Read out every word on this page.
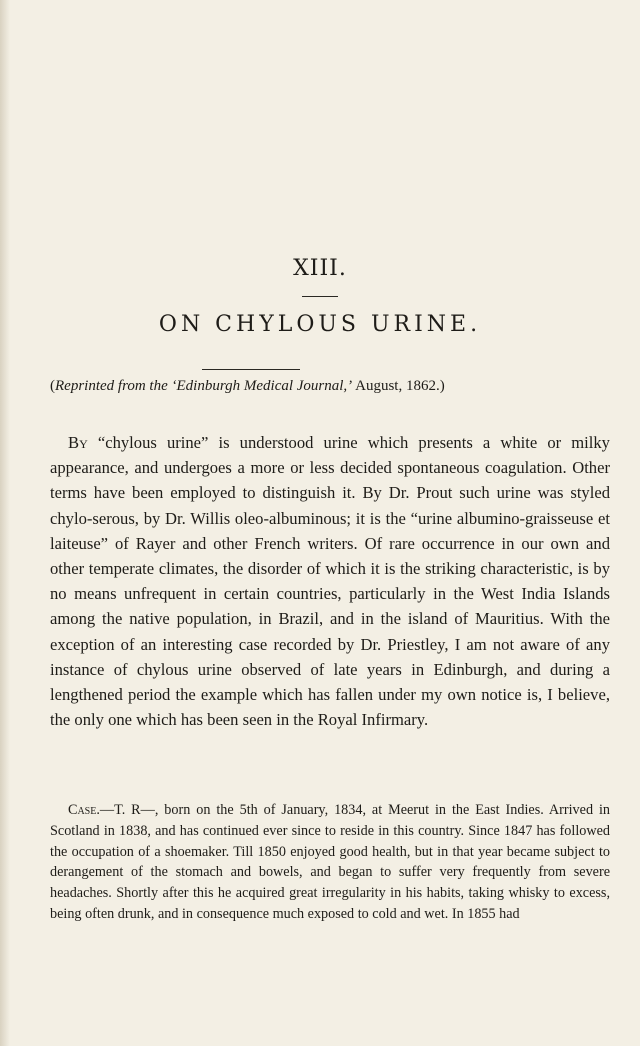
XIII.
ON CHYLOUS URINE.
(Reprinted from the ‘Edinburgh Medical Journal,’ August, 1862.)

By “chylous urine” is understood urine which presents a white or milky appearance, and undergoes a more or less decided spontaneous coagulation. Other terms have been employed to distinguish it. By Dr. Prout such urine was styled chylo-serous, by Dr. Willis oleo-albuminous; it is the “urine albumino-graisseuse et laiteuse” of Rayer and other French writers. Of rare occurrence in our own and other temperate climates, the disorder of which it is the striking characteristic, is by no means unfrequent in certain countries, particularly in the West India Islands among the native population, in Brazil, and in the island of Mauritius. With the exception of an interesting case recorded by Dr. Priestley, I am not aware of any instance of chylous urine observed of late years in Edinburgh, and during a lengthened period the example which has fallen under my own notice is, I believe, the only one which has been seen in the Royal Infirmary.

Case.—T. R—, born on the 5th of January, 1834, at Meerut in the East Indies. Arrived in Scotland in 1838, and has continued ever since to reside in this country. Since 1847 has followed the occupation of a shoemaker. Till 1850 enjoyed good health, but in that year became subject to derangement of the stomach and bowels, and began to suffer very frequently from severe headaches. Shortly after this he acquired great irregularity in his habits, taking whisky to excess, being often drunk, and in consequence much exposed to cold and wet. In 1855 had
